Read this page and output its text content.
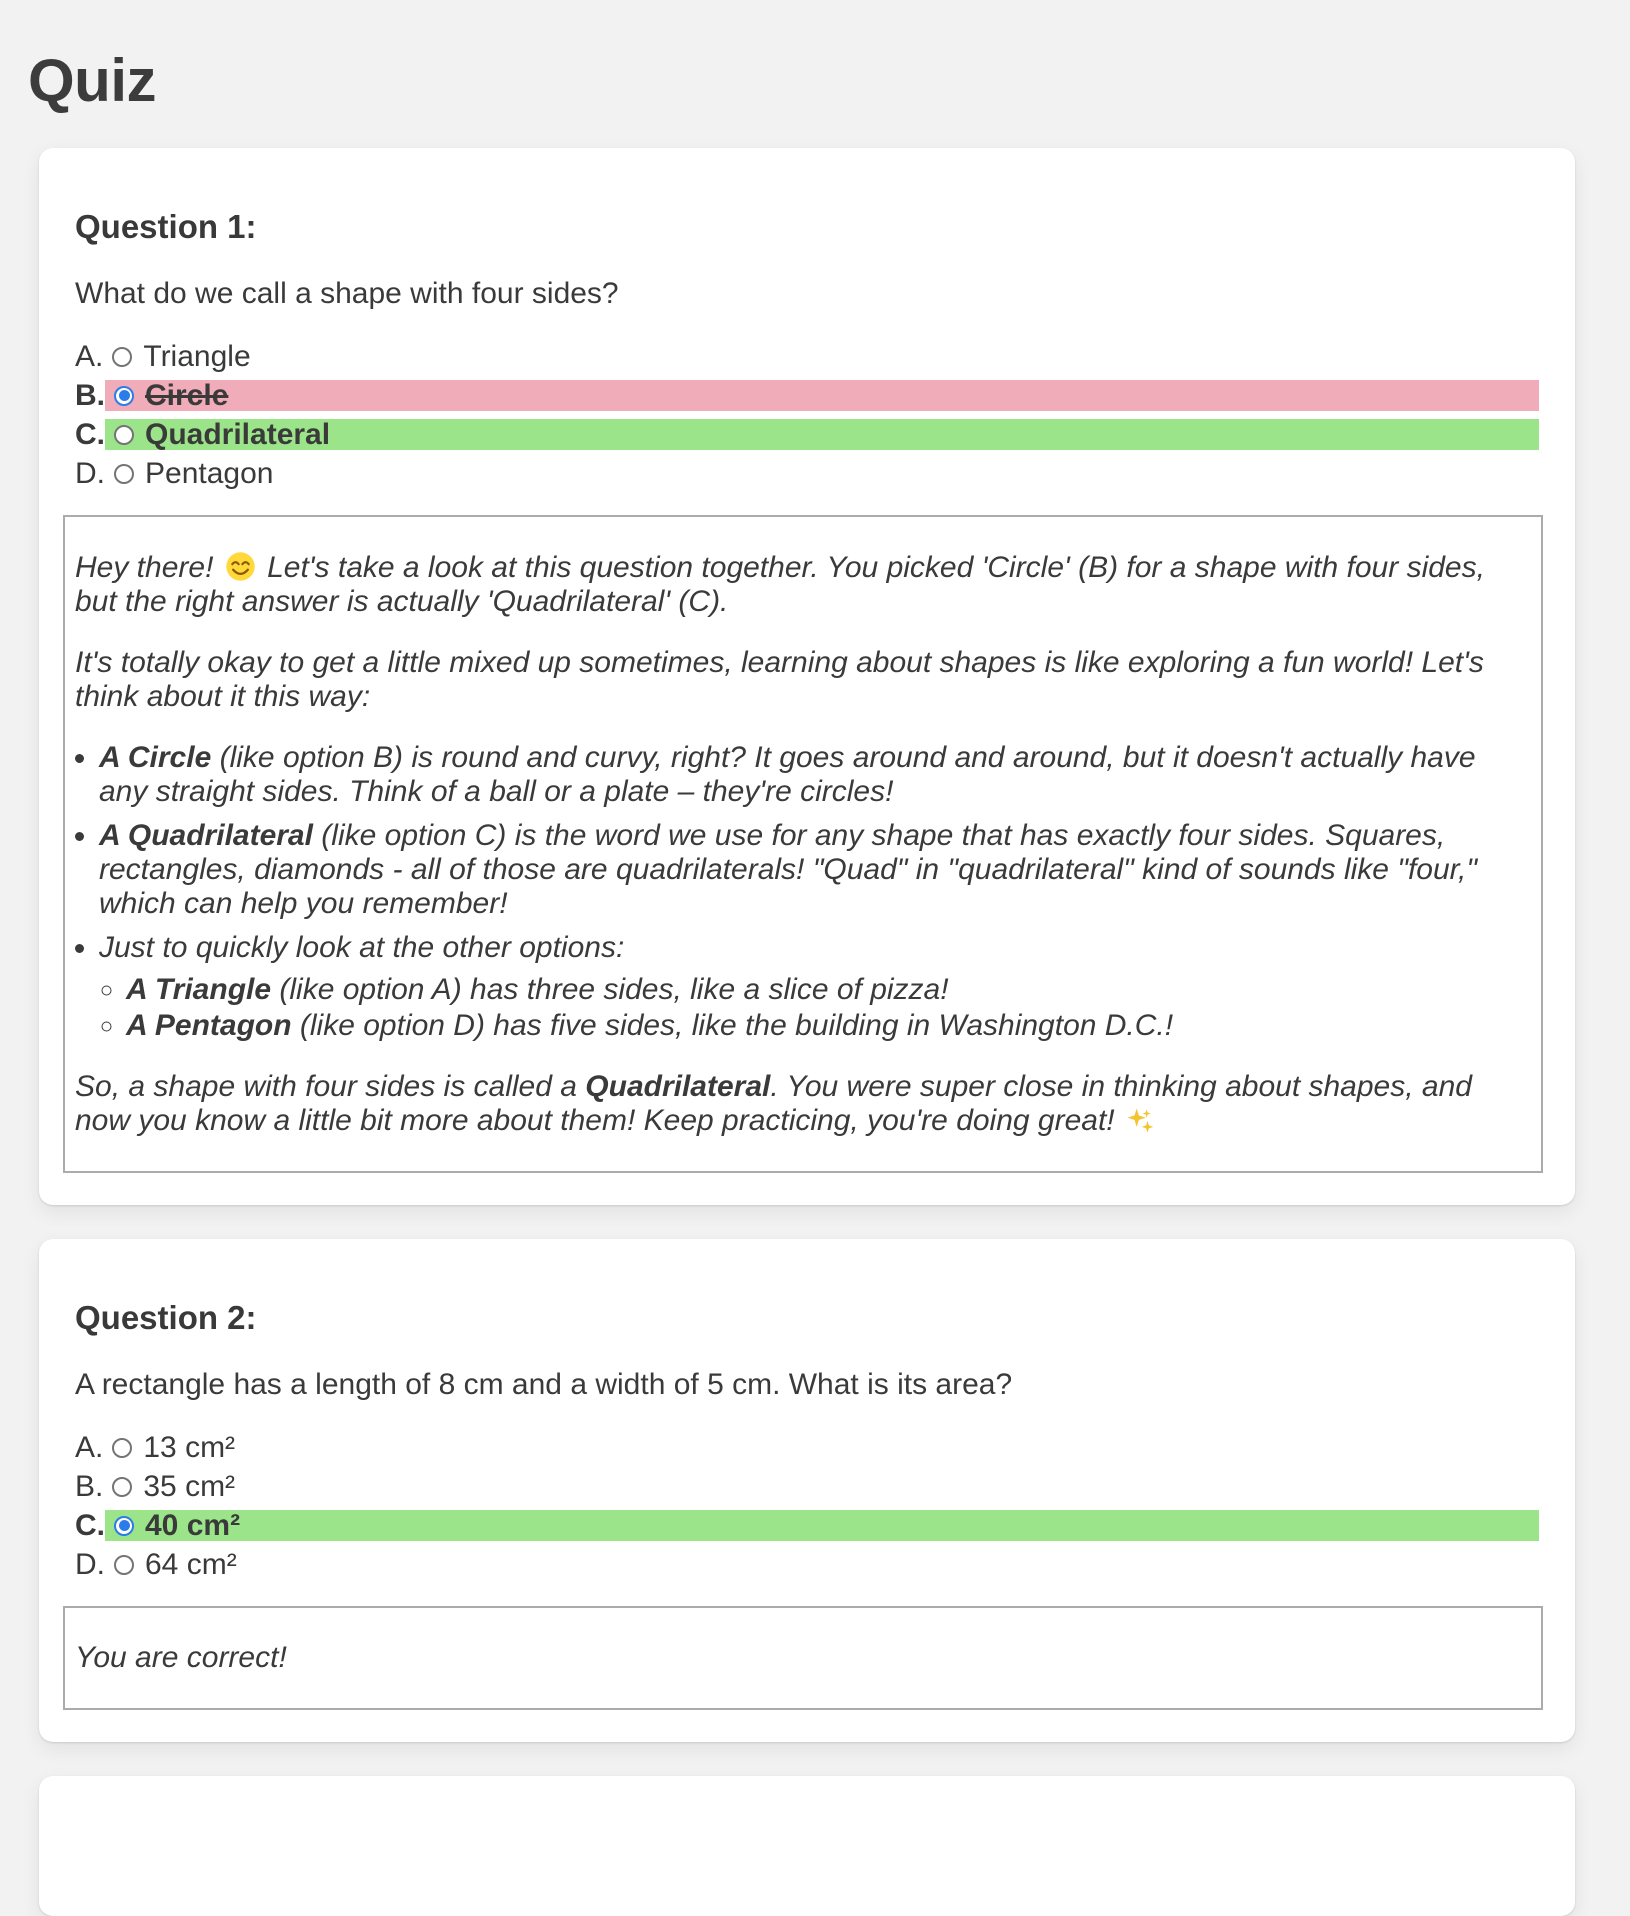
Quiz
Question 1:

What do we call a shape with four sides?

A. Triangle
B. Circle
C. Quadrilateral
D. Pentagon

Hey there!  Let's take a look at this question together. You picked 'Circle' (B) for a shape with four sides, but the right answer is actually 'Quadrilateral' (C).

It's totally okay to get a little mixed up sometimes, learning about shapes is like exploring a fun world! Let's think about it this way:

• A Circle (like option B) is round and curvy, right? It goes around and around, but it doesn't actually have any straight sides. Think of a ball or a plate – they're circles!
• A Quadrilateral (like option C) is the word we use for any shape that has exactly four sides. Squares, rectangles, diamonds - all of those are quadrilaterals! "Quad" in "quadrilateral" kind of sounds like "four," which can help you remember!
• Just to quickly look at the other options:
◦ A Triangle (like option A) has three sides, like a slice of pizza!
◦ A Pentagon (like option D) has five sides, like the building in Washington D.C.!

So, a shape with four sides is called a Quadrilateral. You were super close in thinking about shapes, and now you know a little bit more about them! Keep practicing, you're doing great!

Question 2:

A rectangle has a length of 8 cm and a width of 5 cm. What is its area?

A. 13 cm²
B. 35 cm²
C. 40 cm²
D. 64 cm²

You are correct!
